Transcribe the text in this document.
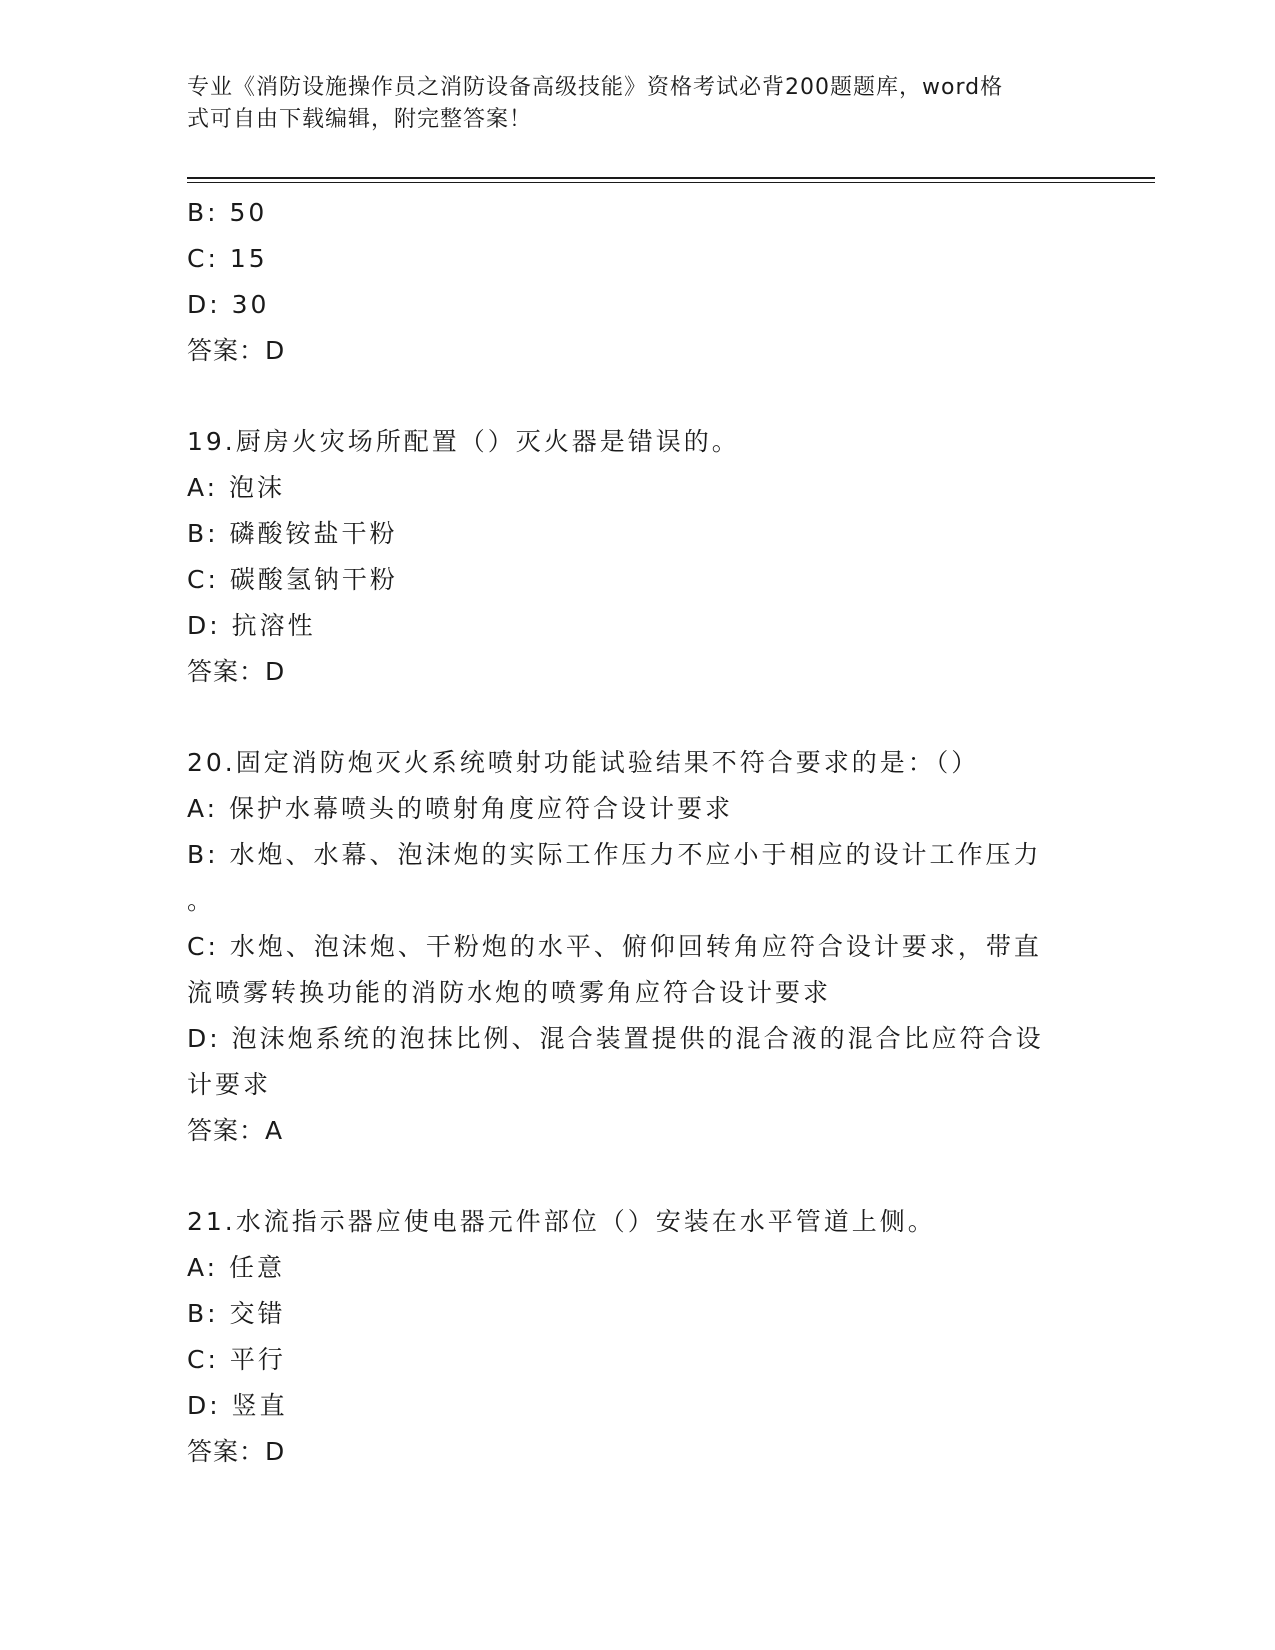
专业《消防设施操作员之消防设备高级技能》资格考试必背200题题库，word格
式可自由下载编辑，附完整答案！
B: 50
C: 15
D: 30
答案：D
19.厨房火灾场所配置（）灭火器是错误的。
A: 泡沫
B: 磷酸铵盐干粉
C: 碳酸氢钠干粉
D: 抗溶性
答案：D
20.固定消防炮灭火系统喷射功能试验结果不符合要求的是：（）
A: 保护水幕喷头的喷射角度应符合设计要求
B: 水炮、水幕、泡沫炮的实际工作压力不应小于相应的设计工作压力
。
C: 水炮、泡沫炮、干粉炮的水平、俯仰回转角应符合设计要求，带直
流喷雾转换功能的消防水炮的喷雾角应符合设计要求
D: 泡沫炮系统的泡抹比例、混合装置提供的混合液的混合比应符合设
计要求
答案：A
21.水流指示器应使电器元件部位（）安装在水平管道上侧。
A: 任意
B: 交错
C: 平行
D: 竖直
答案：D
